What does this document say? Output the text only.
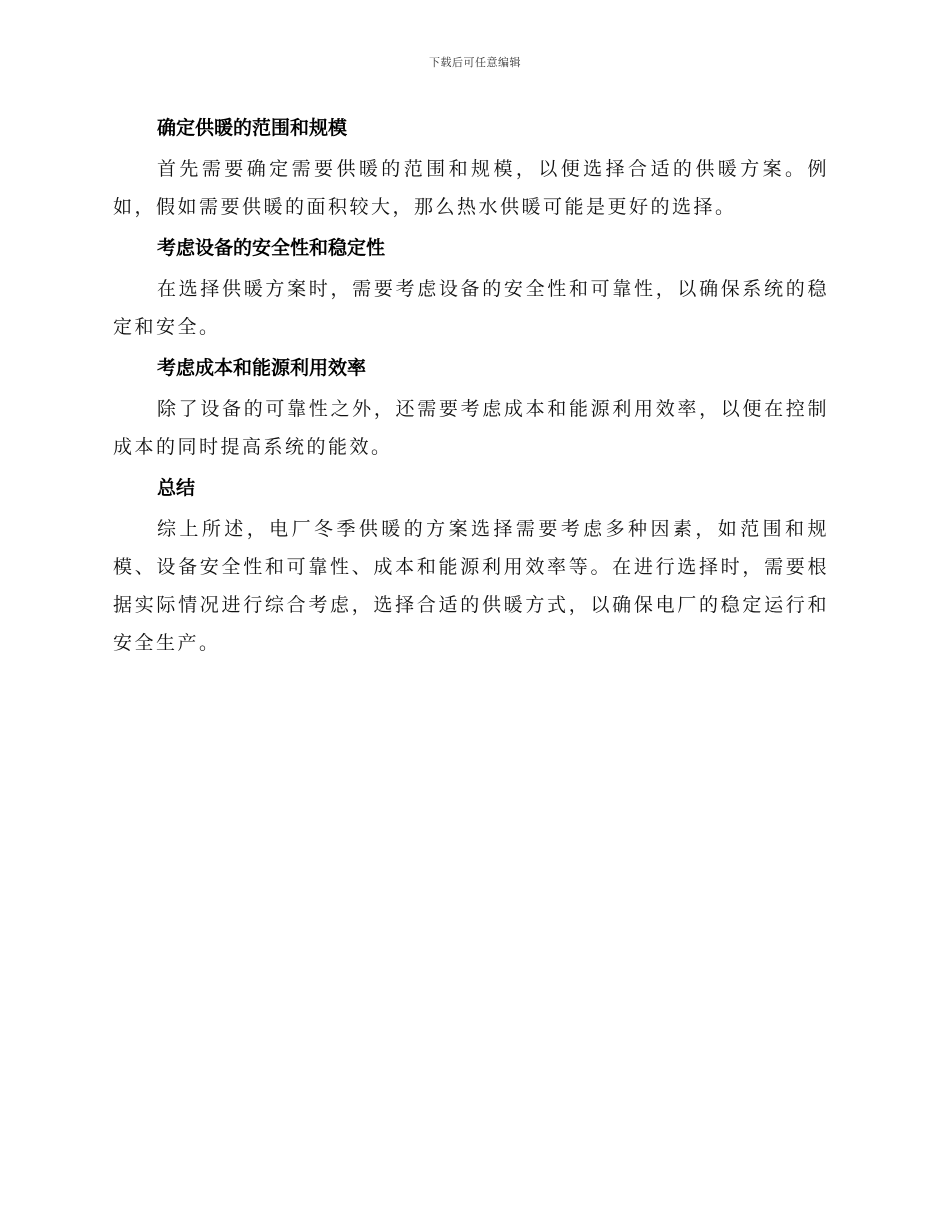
下载后可任意编辑
确定供暖的范围和规模

首先需要确定需要供暖的范围和规模，以便选择合适的供暖方案。例如，假如需要供暖的面积较大，那么热水供暖可能是更好的选择。

考虑设备的安全性和稳定性

在选择供暖方案时，需要考虑设备的安全性和可靠性，以确保系统的稳定和安全。

考虑成本和能源利用效率

除了设备的可靠性之外，还需要考虑成本和能源利用效率，以便在控制成本的同时提高系统的能效。

总结

综上所述，电厂冬季供暖的方案选择需要考虑多种因素，如范围和规模、设备安全性和可靠性、成本和能源利用效率等。在进行选择时，需要根据实际情况进行综合考虑，选择合适的供暖方式，以确保电厂的稳定运行和安全生产。
